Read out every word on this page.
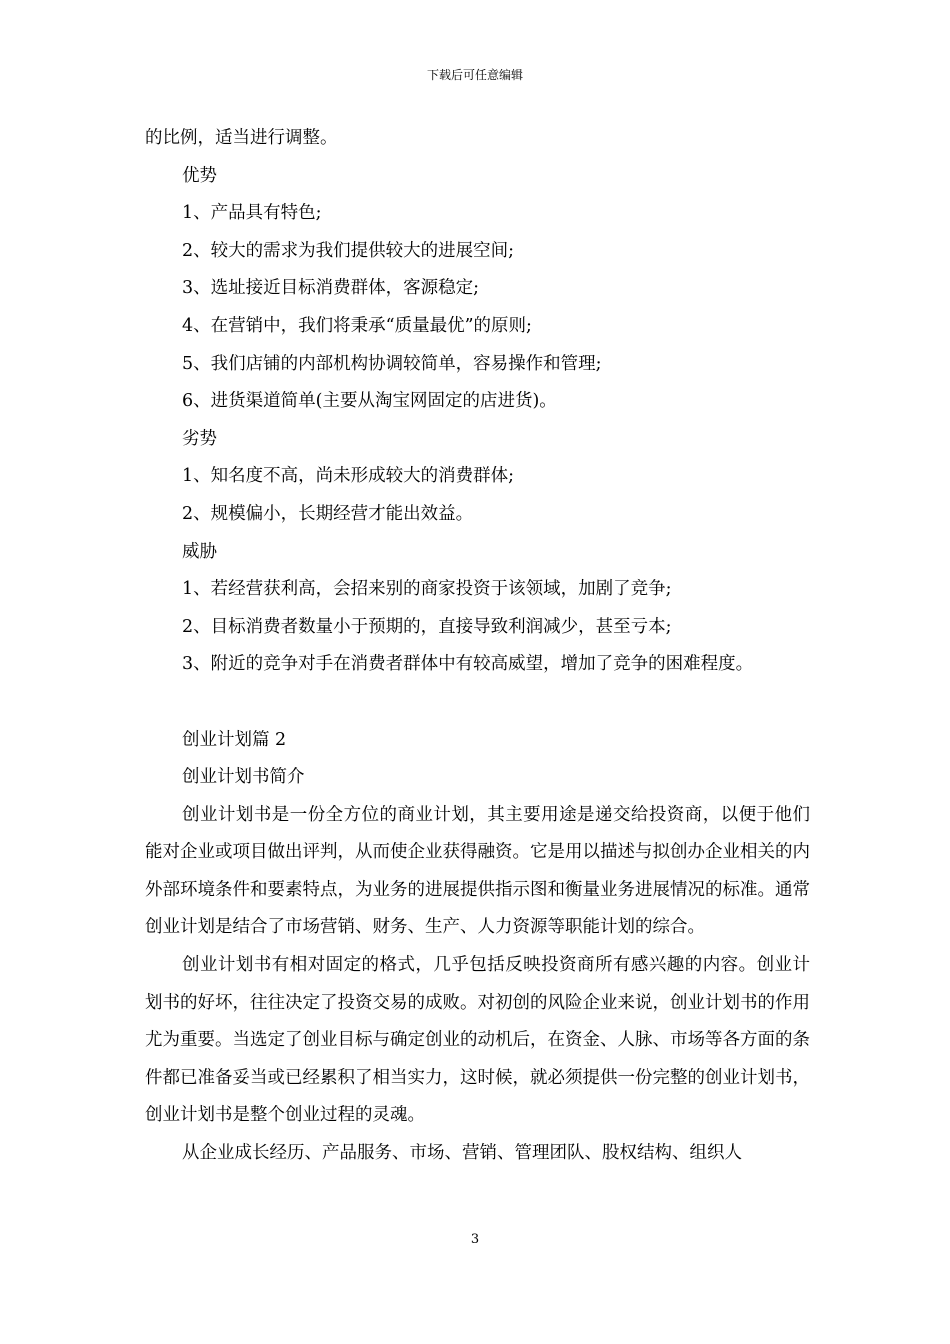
下载后可任意编辑

的比例，适当进行调整。

优势

1、产品具有特色;

2、较大的需求为我们提供较大的进展空间;

3、选址接近目标消费群体，客源稳定;

4、在营销中，我们将秉承“质量最优”的原则;

5、我们店铺的内部机构协调较简单，容易操作和管理;

6、进货渠道简单(主要从淘宝网固定的店进货)。

劣势

1、知名度不高，尚未形成较大的消费群体;

2、规模偏小，长期经营才能出效益。

威胁

1、若经营获利高，会招来别的商家投资于该领域，加剧了竞争;

2、目标消费者数量小于预期的，直接导致利润减少，甚至亏本;

3、附近的竞争对手在消费者群体中有较高威望，增加了竞争的困难程度。

创业计划篇 2

创业计划书简介

创业计划书是一份全方位的商业计划，其主要用途是递交给投资商，以便于他们能对企业或项目做出评判，从而使企业获得融资。它是用以描述与拟创办企业相关的内外部环境条件和要素特点，为业务的进展提供指示图和衡量业务进展情况的标准。通常创业计划是结合了市场营销、财务、生产、人力资源等职能计划的综合。

创业计划书有相对固定的格式，几乎包括反映投资商所有感兴趣的内容。创业计划书的好坏，往往决定了投资交易的成败。对初创的风险企业来说，创业计划书的作用尤为重要。当选定了创业目标与确定创业的动机后，在资金、人脉、市场等各方面的条件都已准备妥当或已经累积了相当实力，这时候，就必须提供一份完整的创业计划书，创业计划书是整个创业过程的灵魂。

从企业成长经历、产品服务、市场、营销、管理团队、股权结构、组织人

3
